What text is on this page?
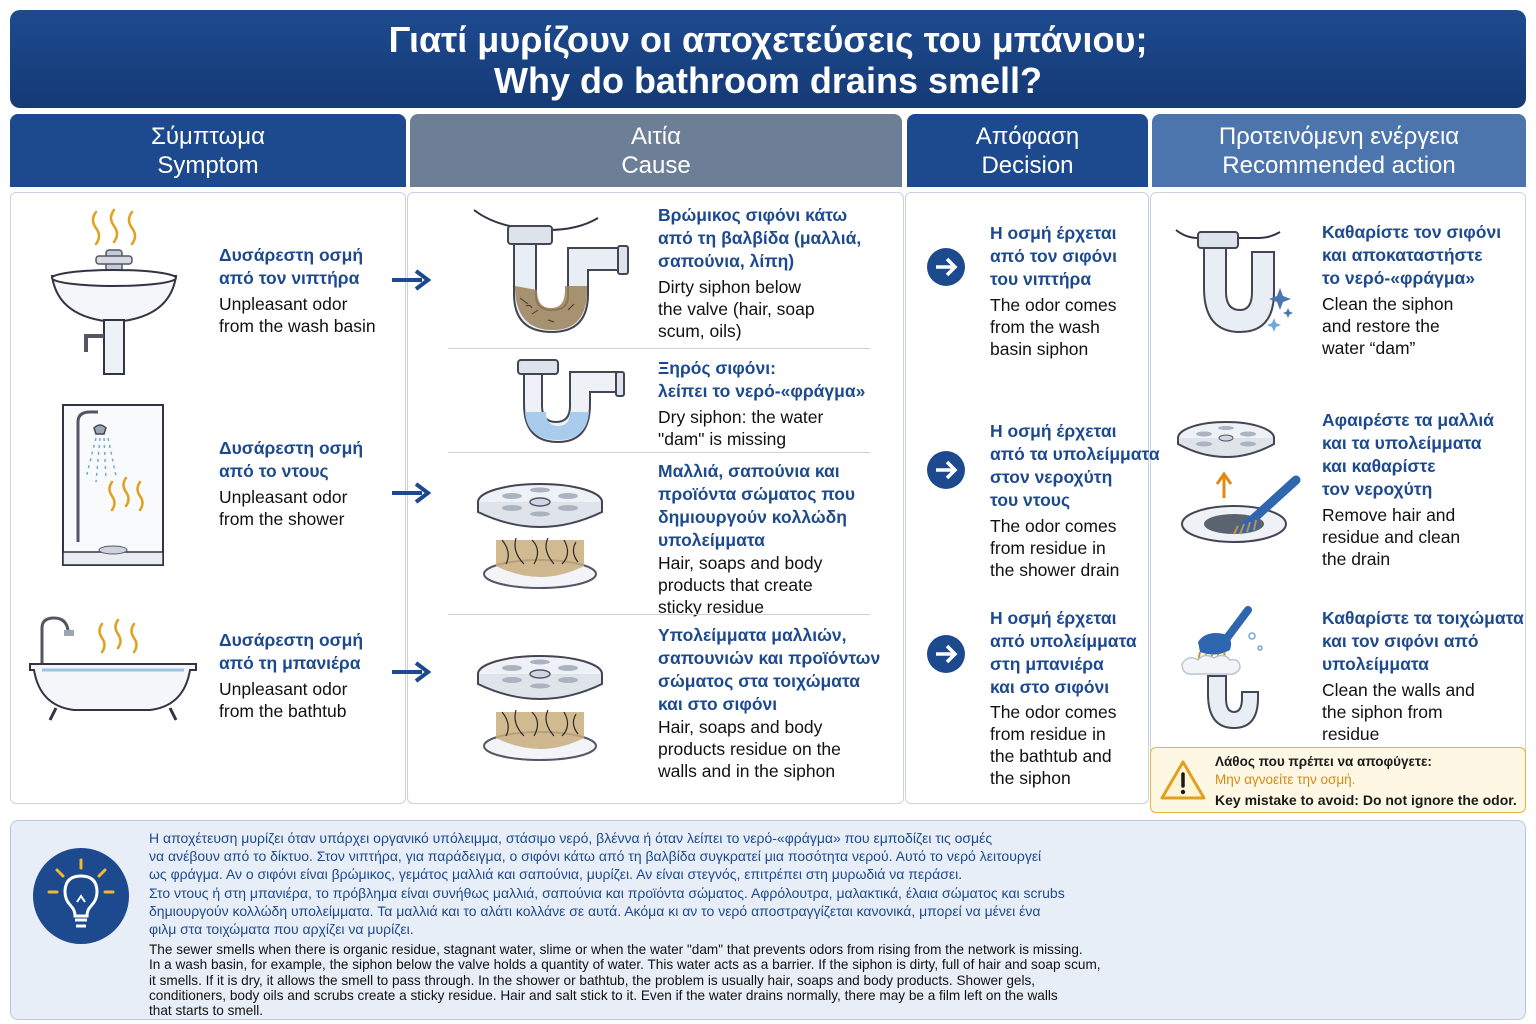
Γιατί μυρίζουν οι αποχετεύσεις του μπάνιου;
Why do bathroom drains smell?
Σύμπτωμα
Symptom
Αιτία
Cause
Απόφαση
Decision
Προτεινόμενη ενέργεια
Recommended action
Δυσάρεστη οσμή
από τον νιπτήρα
Unpleasant odor
from the wash basin
Δυσάρεστη οσμή
από το ντους
Unpleasant odor
from the shower
Δυσάρεστη οσμή
από τη μπανιέρα
Unpleasant odor
from the bathtub
Βρώμικος σιφόνι κάτω
από τη βαλβίδα (μαλλιά,
σαπούνια, λίπη)
Dirty siphon below
the valve (hair, soap
scum, oils)
Ξηρός σιφόνι:
λείπει το νερό-«φράγμα»
Dry siphon: the water
"dam" is missing
Μαλλιά, σαπούνια και
προϊόντα σώματος που
δημιουργούν κολλώδη
υπολείμματα
Hair, soaps and body
products that create
sticky residue
Υπολείμματα μαλλιών,
σαπουνιών και προϊόντων
σώματος στα τοιχώματα
και στο σιφόνι
Hair, soaps and body
products residue on the
walls and in the siphon
Η οσμή έρχεται
από τον σιφόνι
του νιπτήρα
The odor comes
from the wash
basin siphon
Η οσμή έρχεται
από τα υπολείμματα
στον νεροχύτη
του ντους
The odor comes
from residue in
the shower drain
Η οσμή έρχεται
από υπολείμματα
στη μπανιέρα
και στο σιφόνι
The odor comes
from residue in
the bathtub and
the siphon
Καθαρίστε τον σιφόνι
και αποκαταστήστε
το νερό-«φράγμα»
Clean the siphon
and restore the
water “dam”
Αφαιρέστε τα μαλλιά
και τα υπολείμματα
και καθαρίστε
τον νεροχύτη
Remove hair and
residue and clean
the drain
Καθαρίστε τα τοιχώματα
και τον σιφόνι από
υπολείμματα
Clean the walls and
the siphon from
residue
Λάθος που πρέπει να αποφύγετε:
Μην αγνοείτε την οσμή.
Key mistake to avoid: Do not ignore the odor.
Η αποχέτευση μυρίζει όταν υπάρχει οργανικό υπόλειμμα, στάσιμο νερό, βλέννα ή όταν λείπει το νερό-«φράγμα» που εμποδίζει τις οσμές
να ανέβουν από το δίκτυο. Στον νιπτήρα, για παράδειγμα, ο σιφόνι κάτω από τη βαλβίδα συγκρατεί μια ποσότητα νερού. Αυτό το νερό λειτουργεί
ως φράγμα. Αν ο σιφόνι είναι βρώμικος, γεμάτος μαλλιά και σαπούνια, μυρίζει. Αν είναι στεγνός, επιτρέπει στη μυρωδιά να περάσει.
Στο ντους ή στη μπανιέρα, το πρόβλημα είναι συνήθως μαλλιά, σαπούνια και προϊόντα σώματος. Αφρόλουτρα, μαλακτικά, έλαια σώματος και scrubs
δημιουργούν κολλώδη υπολείμματα. Τα μαλλιά και το αλάτι κολλάνε σε αυτά. Ακόμα κι αν το νερό αποστραγγίζεται κανονικά, μπορεί να μένει ένα
φιλμ στα τοιχώματα που αρχίζει να μυρίζει.
The sewer smells when there is organic residue, stagnant water, slime or when the water "dam" that prevents odors from rising from the network is missing.
In a wash basin, for example, the siphon below the valve holds a quantity of water. This water acts as a barrier. If the siphon is dirty, full of hair and soap scum,
it smells. If it is dry, it allows the smell to pass through. In the shower or bathtub, the problem is usually hair, soaps and body products. Shower gels,
conditioners, body oils and scrubs create a sticky residue. Hair and salt stick to it. Even if the water drains normally, there may be a film left on the walls
that starts to smell.
